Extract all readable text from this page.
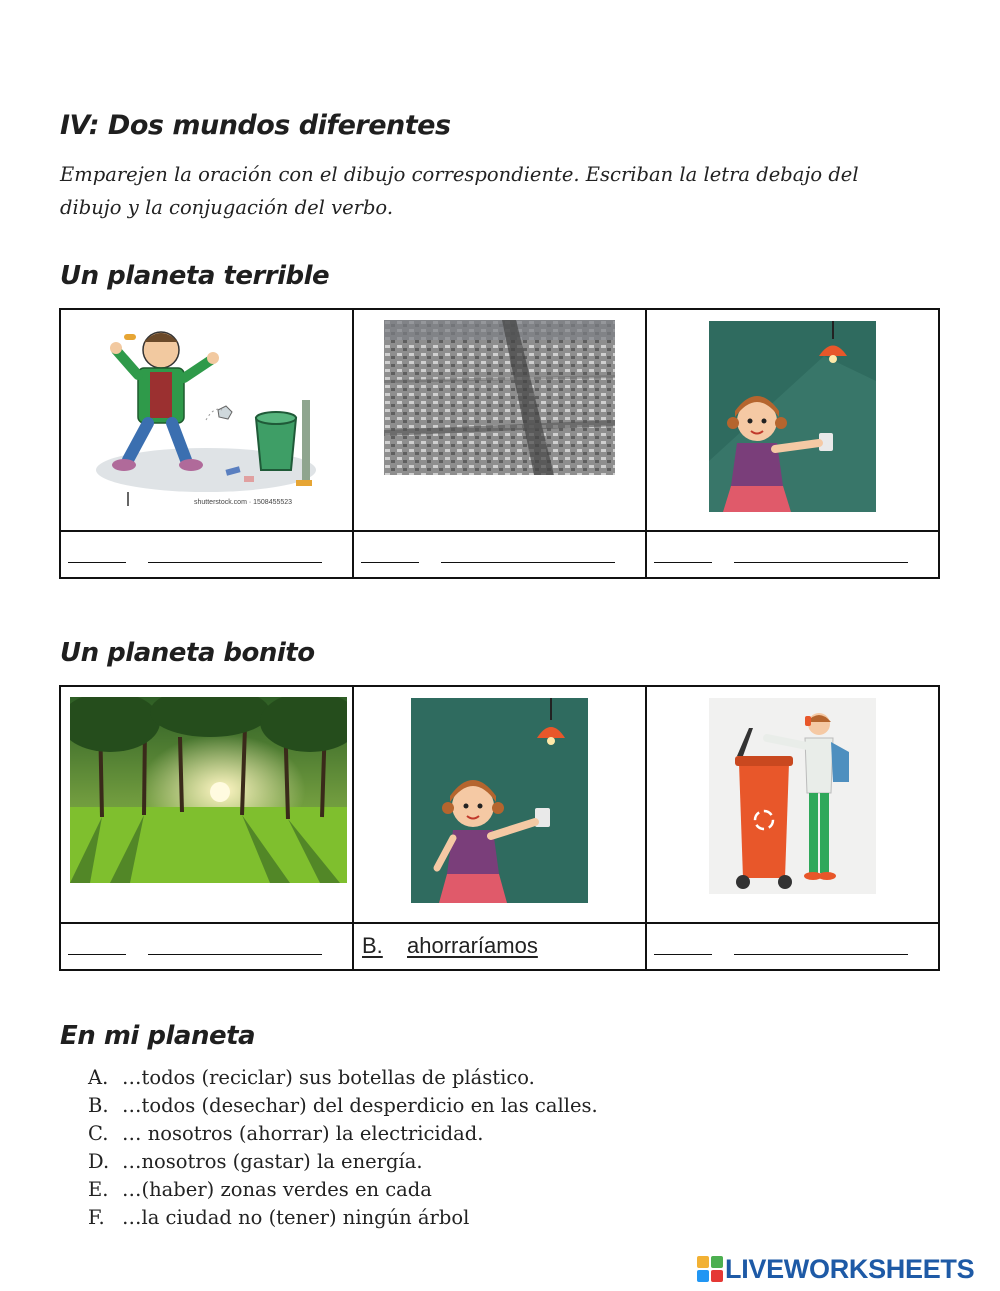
IV: Dos mundos diferentes
Emparejen la oración con el dibujo correspondiente. Escriban la letra debajo del dibujo y la conjugación del verbo.
Un planeta terrible
shutterstock.com · 1508455523

Un planeta bonito

	B. ahorraríamos	

En mi planeta
A. …todos (reciclar) sus botellas de plástico.
B. …todos (desechar) del desperdicio en las calles.
C. … nosotros (ahorrar) la electricidad.
D. …nosotros (gastar) la energía.
E. …(haber) zonas verdes en cada
F. …la ciudad no (tener) ningún árbol
LIVEWORKSHEETS
